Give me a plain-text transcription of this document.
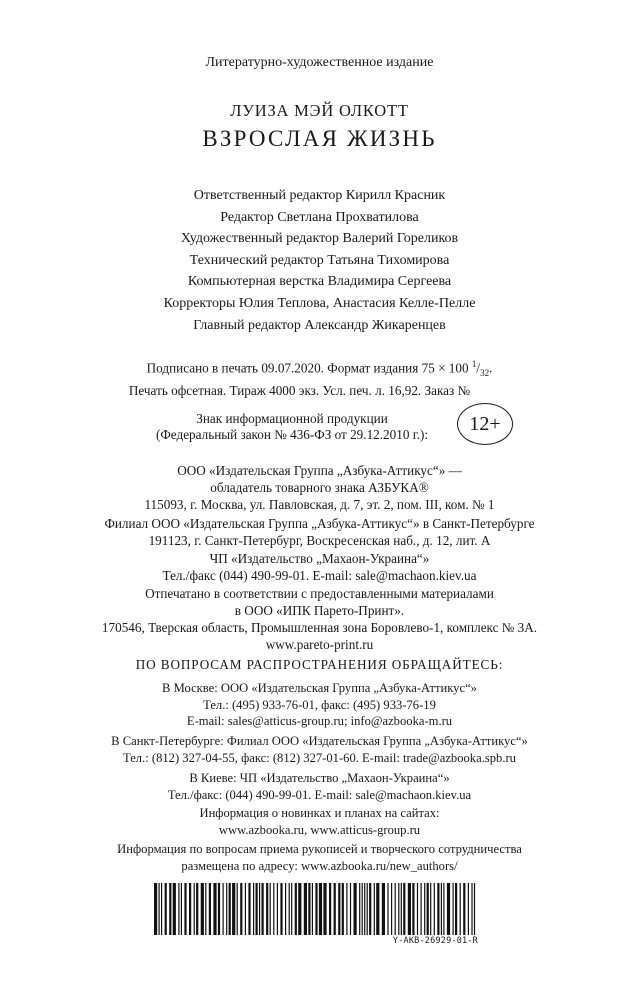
Литературно-художественное издание
ЛУИЗА МЭЙ ОЛКОТТ
ВЗРОСЛАЯ ЖИЗНЬ
Ответственный редактор Кирилл Красник
Редактор Светлана Прохватилова
Художественный редактор Валерий Гореликов
Технический редактор Татьяна Тихомирова
Компьютерная верстка Владимира Сергеева
Корректоры Юлия Теплова, Анастасия Келле-Пелле
Главный редактор Александр Жикаренцев
Подписано в печать 09.07.2020. Формат издания 75 × 100 $^1/_{32}$.
Печать офсетная. Тираж 4000 экз. Усл. печ. л. 16,92. Заказ №
Знак информационной продукции
(Федеральный закон № 436-ФЗ от 29.12.2010 г.):	12+
ООО «Издательская Группа „Азбука-Аттикус“» —
обладатель товарного знака АЗБУКА®
115093, г. Москва, ул. Павловская, д. 7, эт. 2, пом. III, ком. № 1
Филиал ООО «Издательская Группа „Азбука-Аттикус“» в Санкт-Петербурге
191123, г. Санкт-Петербург, Воскресенская наб., д. 12, лит. А
ЧП «Издательство „Махаон-Украина“»
Тел./факс (044) 490-99-01. E-mail: sale@machaon.kiev.ua
Отпечатано в соответствии с предоставленными материалами
в ООО «ИПК Парето-Принт».
170546, Тверская область, Промышленная зона Боровлево-1, комплекс № 3А.
www.pareto-print.ru
ПО ВОПРОСАМ РАСПРОСТРАНЕНИЯ ОБРАЩАЙТЕСЬ:
В Москве: ООО «Издательская Группа „Азбука-Аттикус“»
Тел.: (495) 933-76-01, факс: (495) 933-76-19
E-mail: sales@atticus-group.ru; info@azbooka-m.ru
В Санкт-Петербурге: Филиал ООО «Издательская Группа „Азбука-Аттикус“»
Тел.: (812) 327-04-55, факс: (812) 327-01-60. E-mail: trade@azbooka.spb.ru
В Киеве: ЧП «Издательство „Махаон-Украина“»
Тел./факс: (044) 490-99-01. E-mail: sale@machaon.kiev.ua
Информация о новинках и планах на сайтах:
www.azbooka.ru, www.atticus-group.ru
Информация по вопросам приема рукописей и творческого сотрудничества
размещена по адресу: www.azbooka.ru/new_authors/
Y-AKB-26929-01-R
